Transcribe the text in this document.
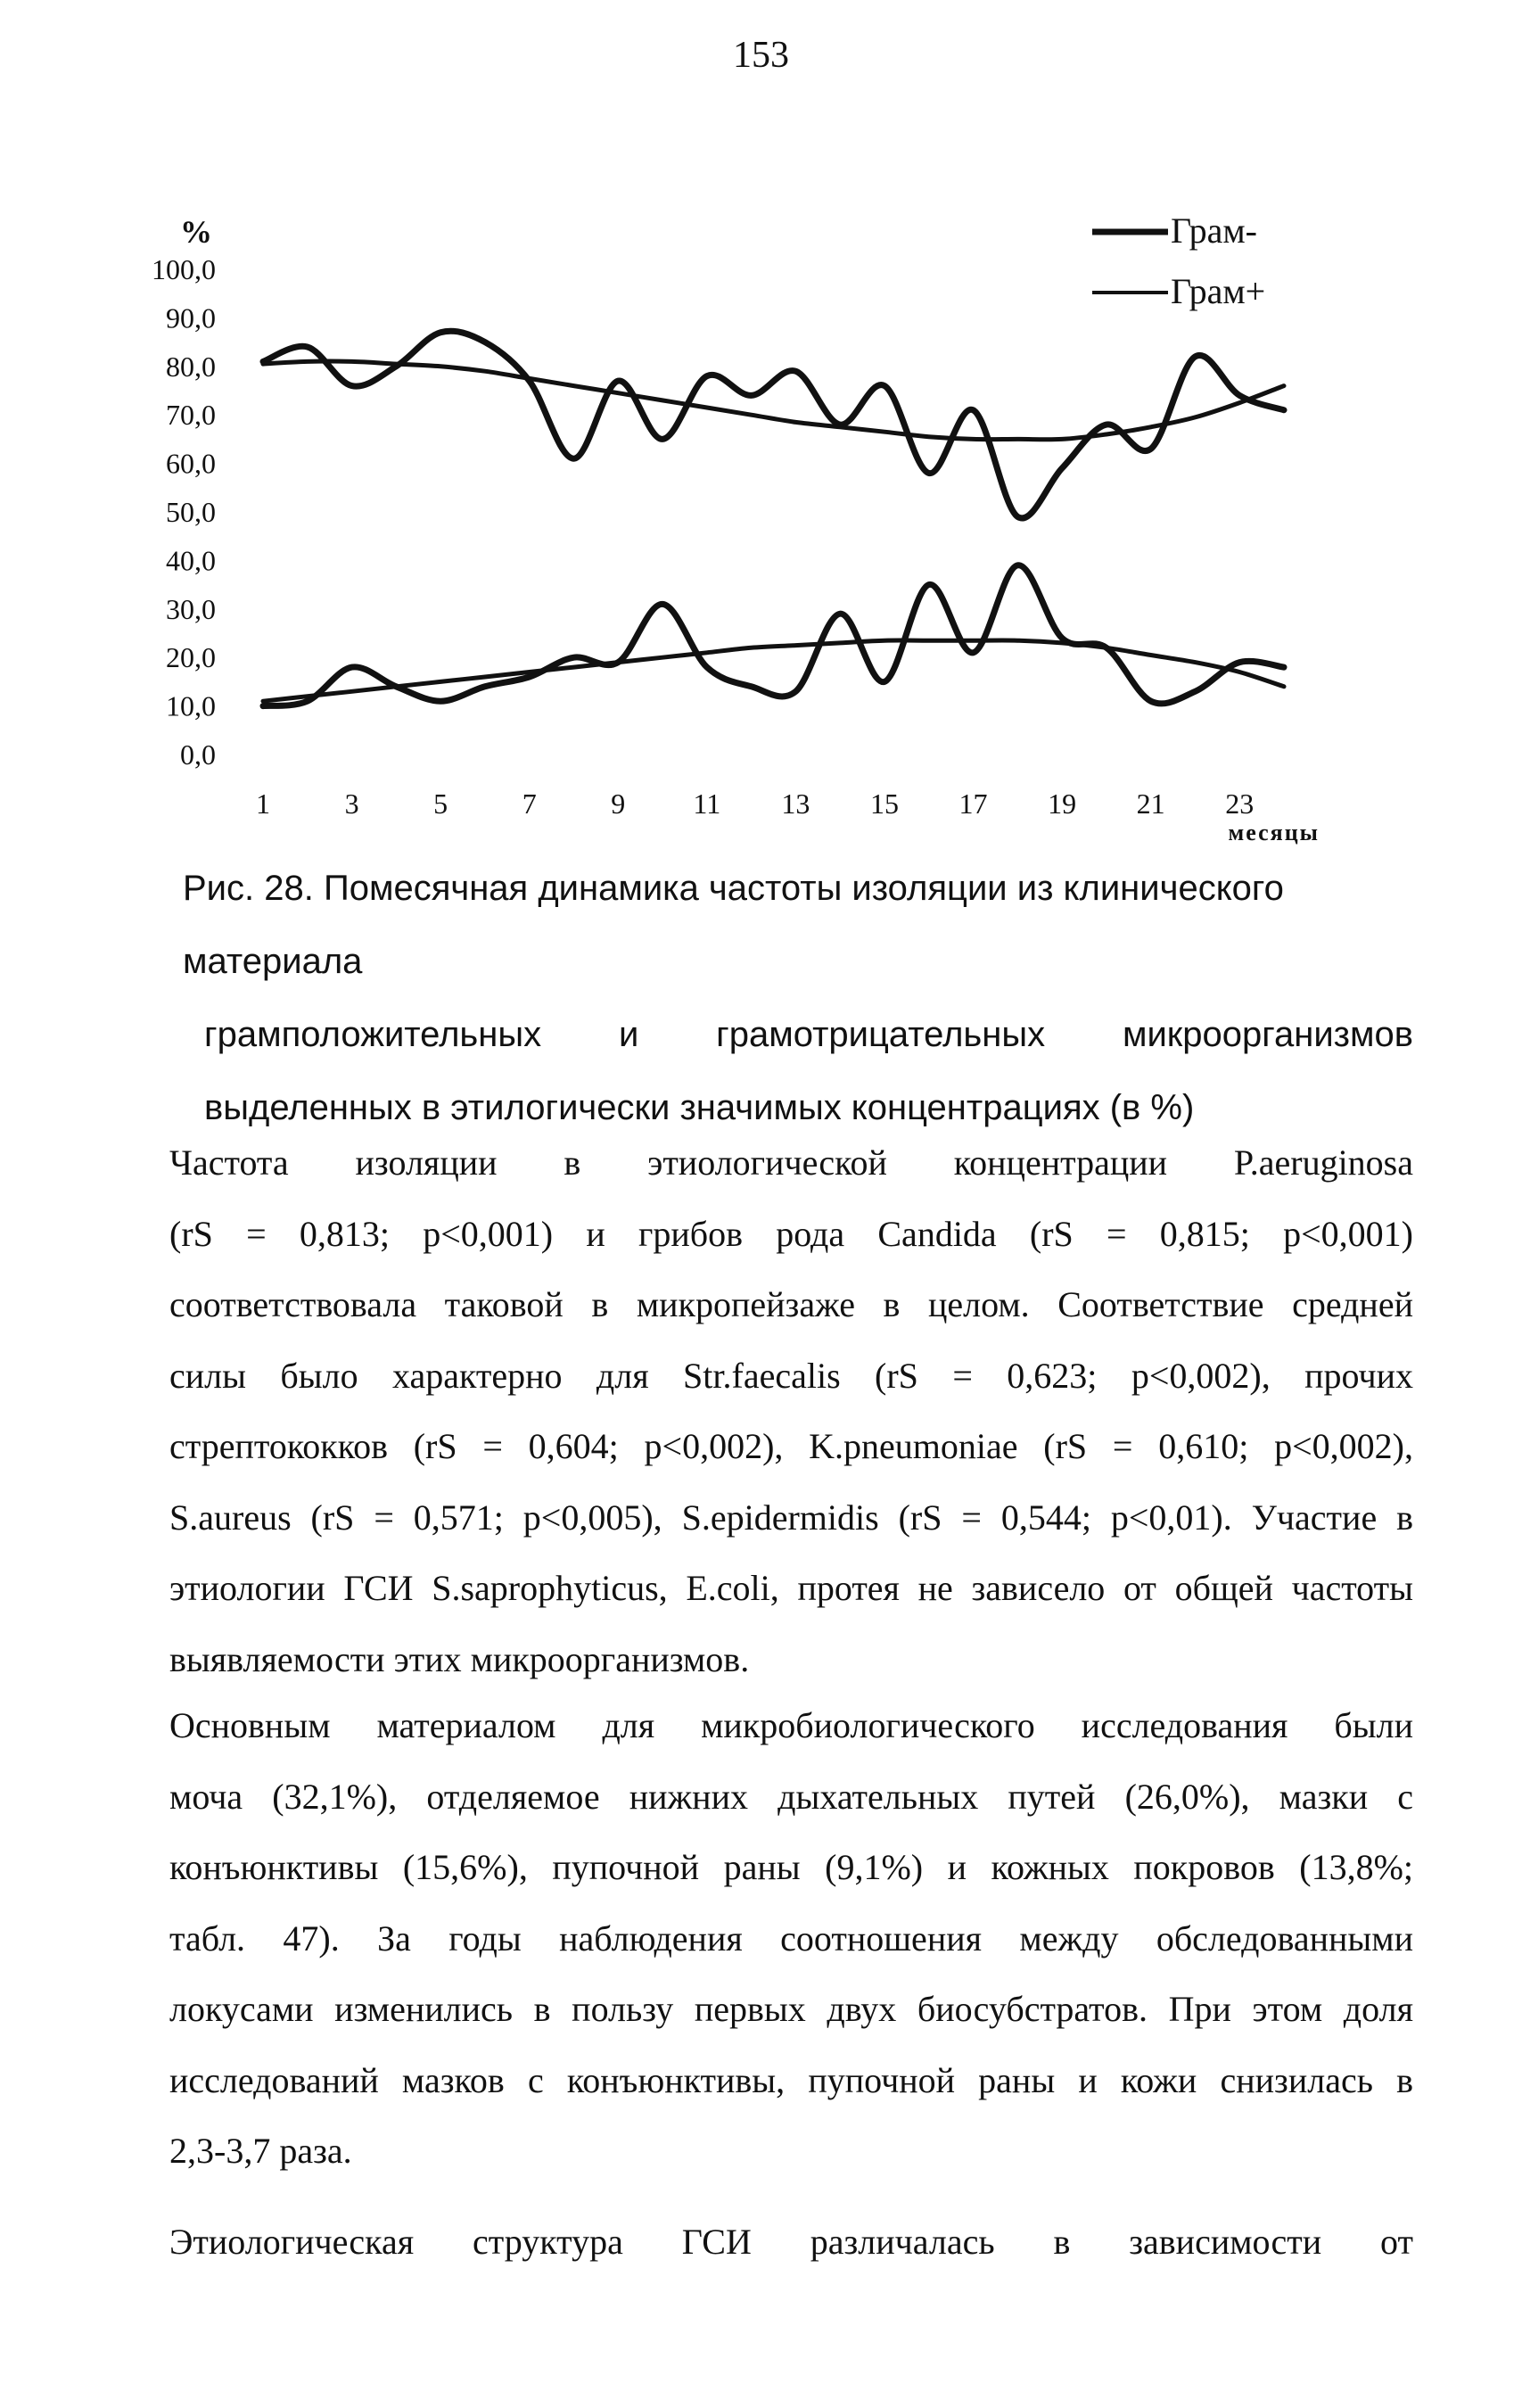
153
%
100,0
90,0
80,0
70,0
60,0
50,0
40,0
30,0
20,0
10,0
0,0
1	3	5	7	9 11 13 15 17 19 21 23
месяцы
Грам-
Грам+
Рис. 28. Помесячная динамика частоты изоляции из клинического материала
грамположительных и грамотрицательных микроорганизмов
выделенных в этилогически значимых концентрациях (в %)
Частота изоляции в этиологической концентрации P.aeruginosa
(rS = 0,813; p<0,001) и грибов рода Candida (rS = 0,815; p<0,001)
соответствовала таковой в микропейзаже в целом. Соответствие средней
силы было характерно для Str.faecalis (rS = 0,623; p<0,002), прочих
стрептококков (rS = 0,604; p<0,002), K.pneumoniae (rS = 0,610; p<0,002),
S.aureus (rS = 0,571; p<0,005), S.epidermidis (rS = 0,544; p<0,01). Участие в
этиологии ГСИ S.saprophyticus, E.coli, протея не зависело от общей частоты
выявляемости этих микроорганизмов.
Основным материалом для микробиологического исследования были
моча (32,1%), отделяемое нижних дыхательных путей (26,0%), мазки с
конъюнктивы (15,6%), пупочной раны (9,1%) и кожных покровов (13,8%;
табл. 47). За годы наблюдения соотношения между обследованными
локусами изменились в пользу первых двух биосубстратов. При этом доля
исследований мазков с конъюнктивы, пупочной раны и кожи снизилась в
2,3-3,7 раза.
Этиологическая структура ГСИ различалась в зависимости от
